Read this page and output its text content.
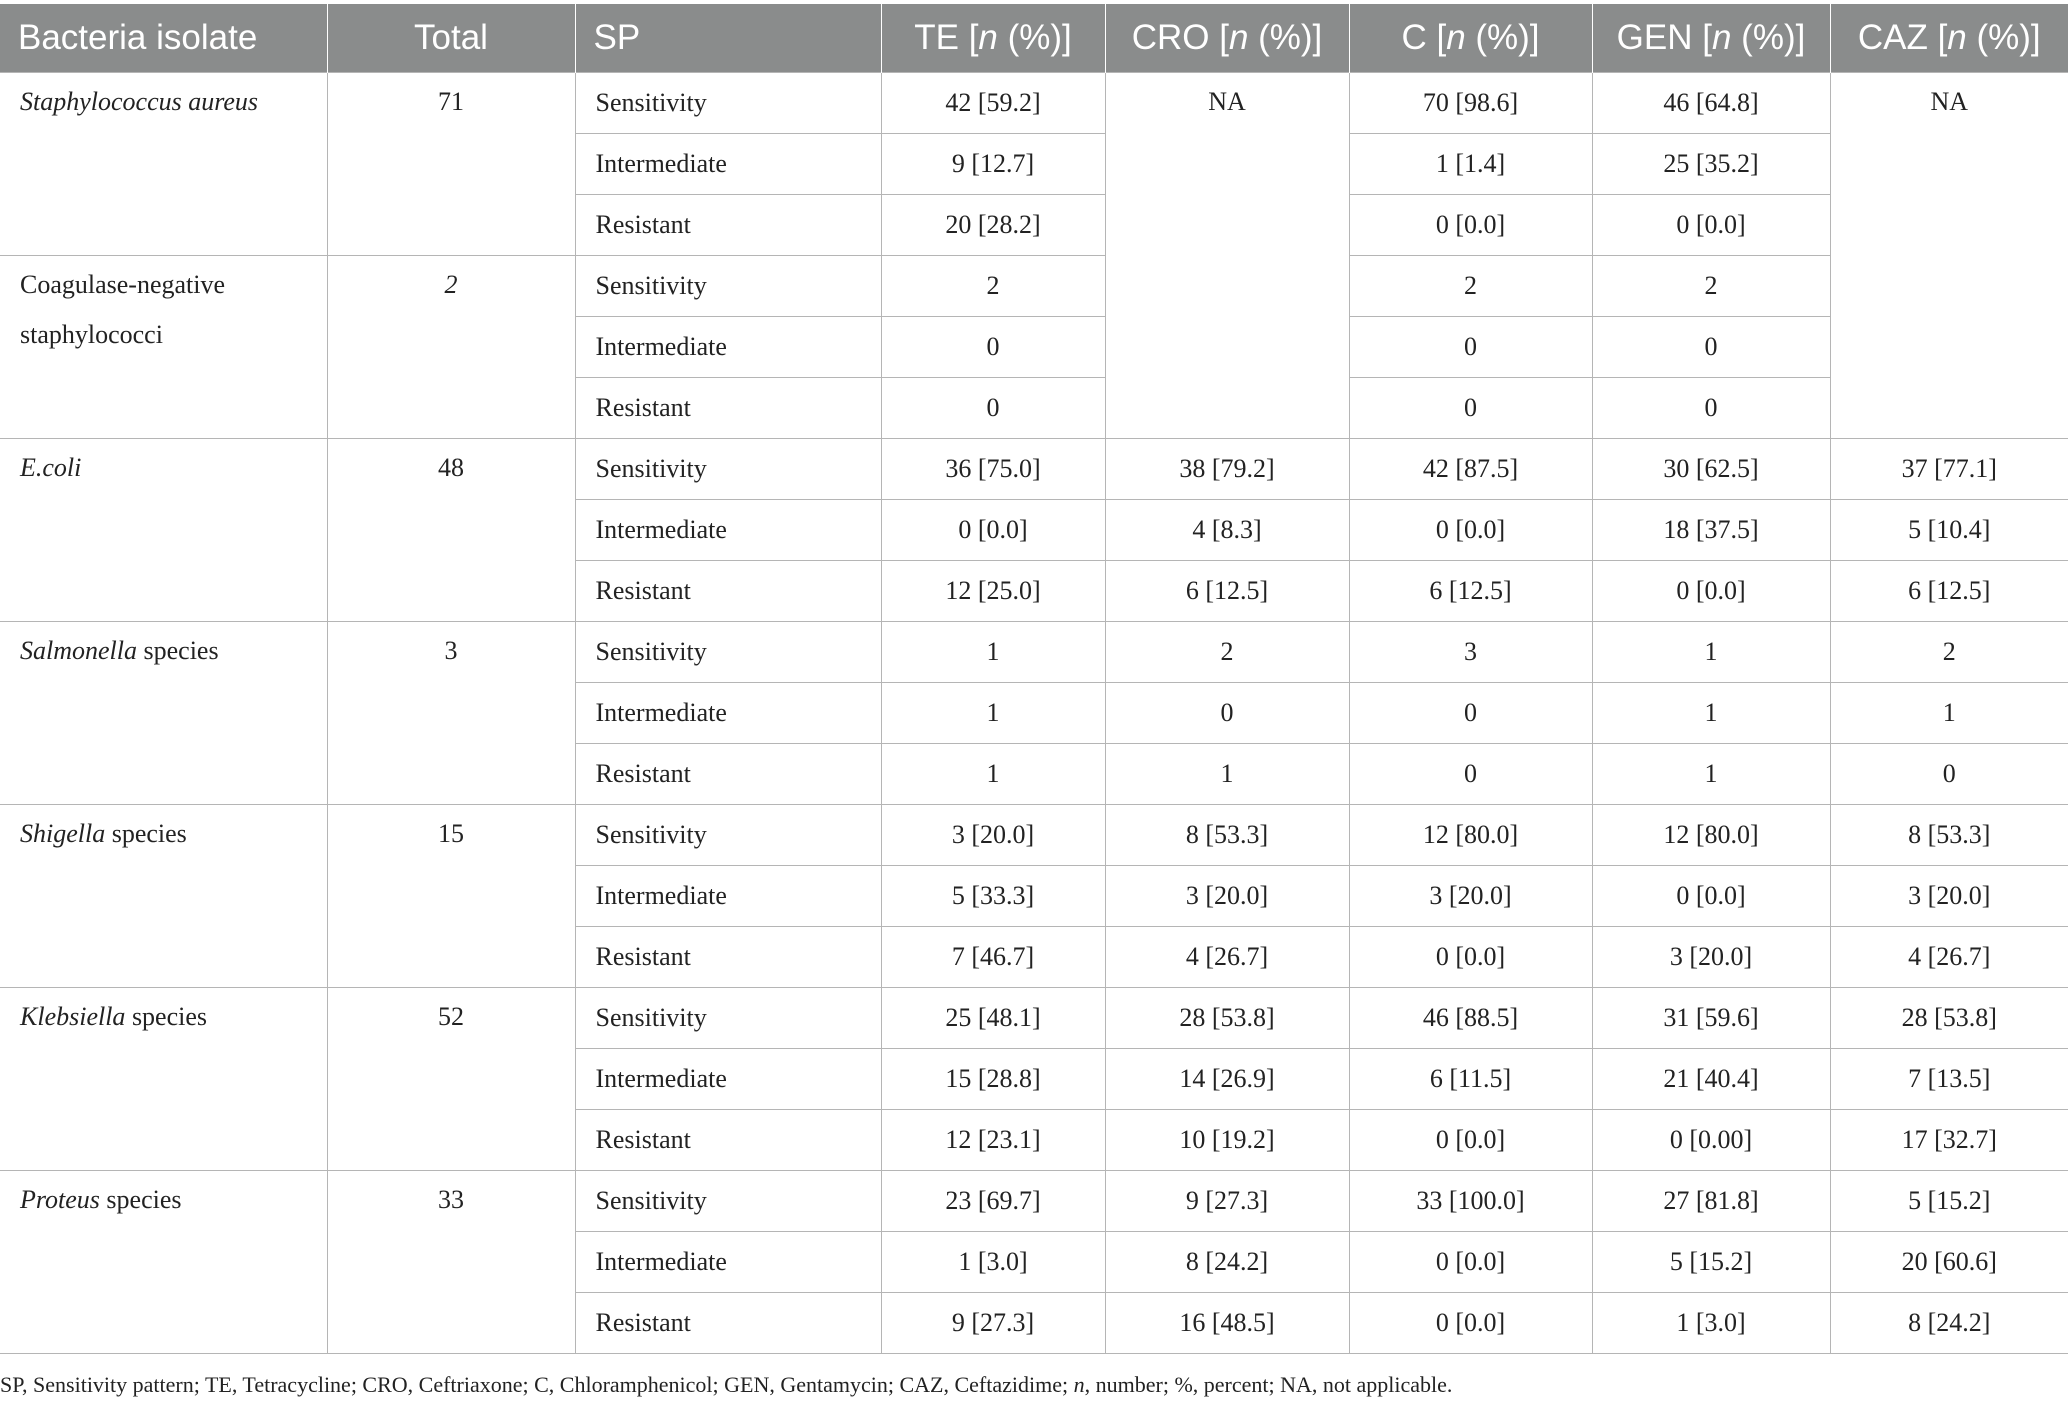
Bacteria isolate	Total	SP	TE [n (%)]	CRO [n (%)]	C [n (%)]	GEN [n (%)]	CAZ [n (%)]
Staphylococcus aureus	71	Sensitivity	42 [59.2]	NA	70 [98.6]	46 [64.8]	NA
		Intermediate	9 [12.7]		1 [1.4]	25 [35.2]	
		Resistant	20 [28.2]		0 [0.0]	0 [0.0]	
Coagulase-negative
staphylococci	2	Sensitivity	2		2	2	
		Intermediate	0		0	0	
		Resistant	0		0	0	
E.coli	48	Sensitivity	36 [75.0]	38 [79.2]	42 [87.5]	30 [62.5]	37 [77.1]
		Intermediate	0 [0.0]	4 [8.3]	0 [0.0]	18 [37.5]	5 [10.4]
		Resistant	12 [25.0]	6 [12.5]	6 [12.5]	0 [0.0]	6 [12.5]
Salmonella species	3	Sensitivity	1	2	3	1	2
		Intermediate	1	0	0	1	1
		Resistant	1	1	0	1	0
Shigella species	15	Sensitivity	3 [20.0]	8 [53.3]	12 [80.0]	12 [80.0]	8 [53.3]
		Intermediate	5 [33.3]	3 [20.0]	3 [20.0]	0 [0.0]	3 [20.0]
		Resistant	7 [46.7]	4 [26.7]	0 [0.0]	3 [20.0]	4 [26.7]
Klebsiella species	52	Sensitivity	25 [48.1]	28 [53.8]	46 [88.5]	31 [59.6]	28 [53.8]
		Intermediate	15 [28.8]	14 [26.9]	6 [11.5]	21 [40.4]	7 [13.5]
		Resistant	12 [23.1]	10 [19.2]	0 [0.0]	0 [0.00]	17 [32.7]
Proteus species	33	Sensitivity	23 [69.7]	9 [27.3]	33 [100.0]	27 [81.8]	5 [15.2]
		Intermediate	1 [3.0]	8 [24.2]	0 [0.0]	5 [15.2]	20 [60.6]
		Resistant	9 [27.3]	16 [48.5]	0 [0.0]	1 [3.0]	8 [24.2]
SP, Sensitivity pattern; TE, Tetracycline; CRO, Ceftriaxone; C, Chloramphenicol; GEN, Gentamycin; CAZ, Ceftazidime; n, number; %, percent; NA, not applicable.
